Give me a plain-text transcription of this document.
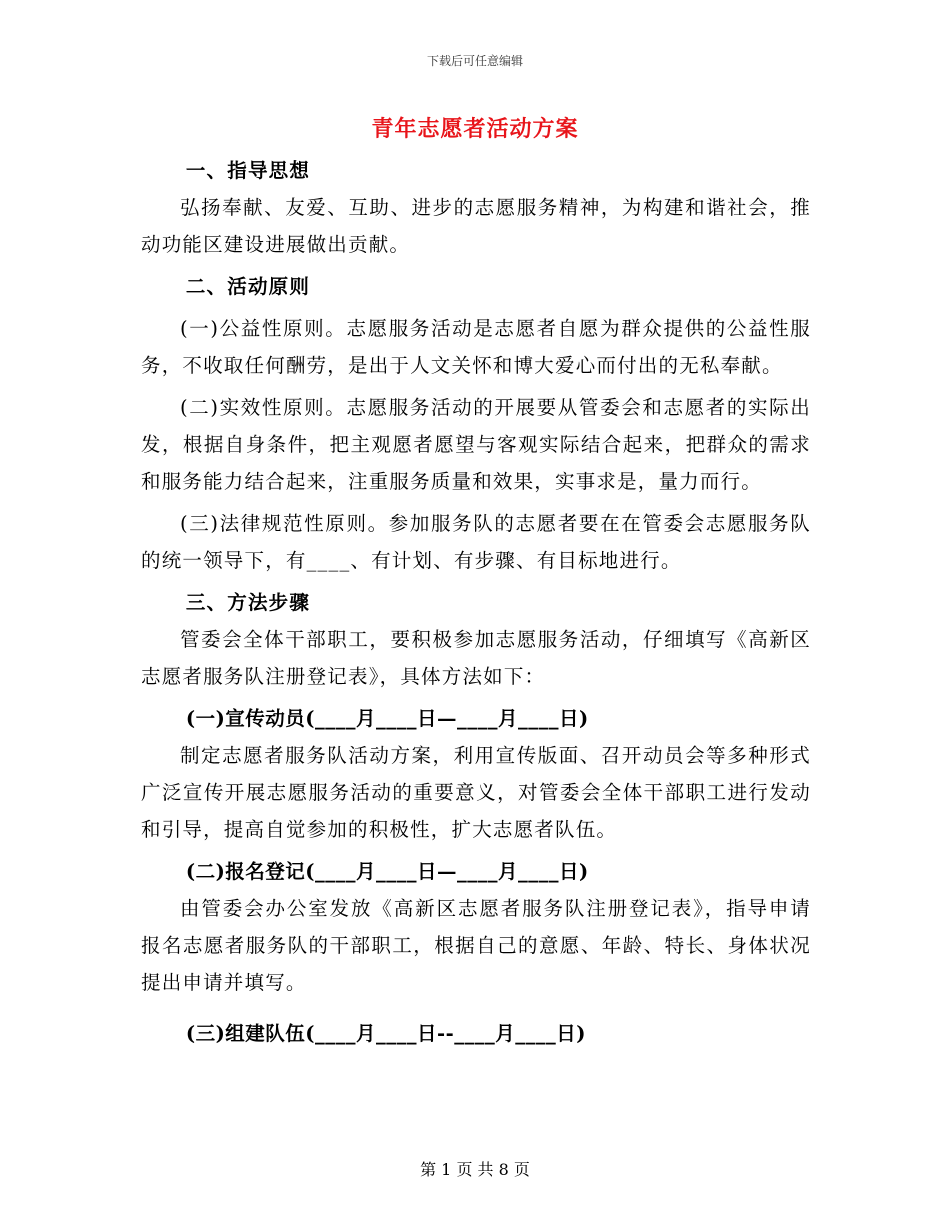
下载后可任意编辑
青年志愿者活动方案

一、指导思想

弘扬奉献、友爱、互助、进步的志愿服务精神，为构建和谐社会，推动功能区建设进展做出贡献。

二、活动原则

(一)公益性原则。志愿服务活动是志愿者自愿为群众提供的公益性服务，不收取任何酬劳，是出于人文关怀和博大爱心而付出的无私奉献。

(二)实效性原则。志愿服务活动的开展要从管委会和志愿者的实际出发，根据自身条件，把主观愿者愿望与客观实际结合起来，把群众的需求和服务能力结合起来，注重服务质量和效果，实事求是，量力而行。

(三)法律规范性原则。参加服务队的志愿者要在在管委会志愿服务队的统一领导下，有____、有计划、有步骤、有目标地进行。

三、方法步骤

管委会全体干部职工，要积极参加志愿服务活动，仔细填写《高新区志愿者服务队注册登记表》，具体方法如下：

(一)宣传动员(____月____日—____月____日)

制定志愿者服务队活动方案，利用宣传版面、召开动员会等多种形式广泛宣传开展志愿服务活动的重要意义，对管委会全体干部职工进行发动和引导，提高自觉参加的积极性，扩大志愿者队伍。

(二)报名登记(____月____日—____月____日)

由管委会办公室发放《高新区志愿者服务队注册登记表》，指导申请报名志愿者服务队的干部职工，根据自己的意愿、年龄、特长、身体状况提出申请并填写。

(三)组建队伍(____月____日--____月____日)

第 1 页 共 8 页
